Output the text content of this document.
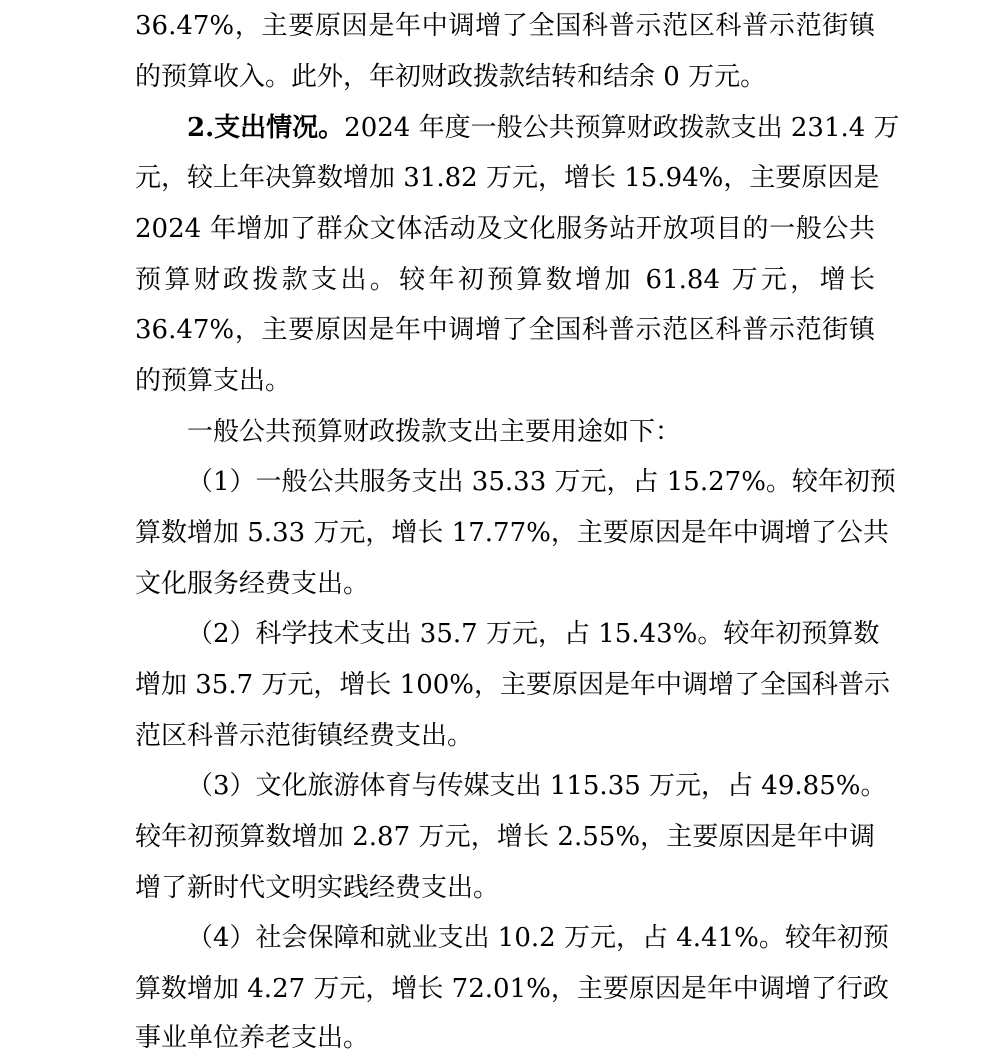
36.47%，主要原因是年中调增了全国科普示范区科普示范街镇
的预算收入。此外，年初财政拨款结转和结余 0 万元。
2.支出情况。 2024 年度一般公共预算财政拨款支出 231.4 万
元，较上年决算数增加 31.82 万元，增长 15.94%，主要原因是
2024 年增加了群众文体活动及文化服务站开放项目的一般公共
预算财政拨款支出。较年初预算数增加 61.84 万元，增长
36.47%，主要原因是年中调增了全国科普示范区科普示范街镇
的预算支出。
一般公共预算财政拨款支出主要用途如下：
（1）一般公共服务支出 35.33 万元，占 15.27%。较年初预
算数增加 5.33 万元，增长 17.77%，主要原因是年中调增了公共
文化服务经费支出。
（2）科学技术支出 35.7 万元，占 15.43%。较年初预算数
增加 35.7 万元，增长 100%，主要原因是年中调增了全国科普示
范区科普示范街镇经费支出。
（3）文化旅游体育与传媒支出 115.35 万元，占 49.85%。
较年初预算数增加 2.87 万元，增长 2.55%，主要原因是年中调
增了新时代文明实践经费支出。
（4）社会保障和就业支出 10.2 万元，占 4.41%。较年初预
算数增加 4.27 万元，增长 72.01%，主要原因是年中调增了行政
事业单位养老支出。
